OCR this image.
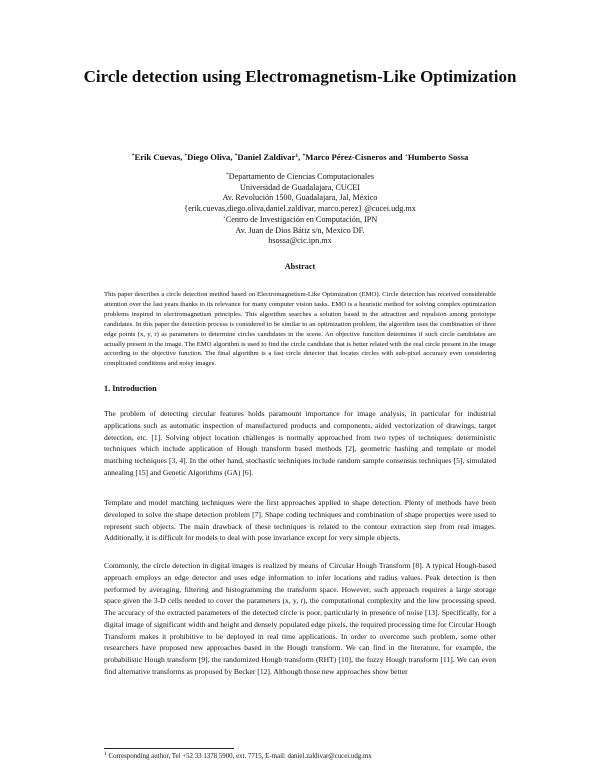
Circle detection using Electromagnetism-Like Optimization
*Erik Cuevas, *Diego Oliva, *Daniel Zaldivar$^1$, *Marco Pérez-Cisneros and +Humberto Sossa
*Departamento de Ciencias Computacionales
Universidad de Guadalajara, CUCEI
Av. Revolución 1500, Guadalajara, Jal, México
{erik.cuevas,diego.oliva,daniel.zaldivar, marco.perez} @cucei.udg.mx
+Centro de Investigación en Computación, IPN
Av. Juan de Dios Bátiz s/n, Mexico DF.
hsossa@cic.ipn.mx
Abstract
This paper describes a circle detection method based on Electromagnetism-Like Optimization (EMO). Circle detection has received considerable attention over the last years thanks to its relevance for many computer vision tasks. EMO is a heuristic method for solving complex optimization problems inspired in electromagnetism principles. This algorithm searches a solution based in the attraction and repulsion among prototype candidates. In this paper the detection process is considered to be similar to an optimization problem, the algorithm uses the combination of three edge points (x, y, r) as parameters to determine circles candidates in the scene. An objective function determines if such circle candidates are actually present in the image. The EMO algorithm is used to find the circle candidate that is better related with the real circle present in the image according to the objective function. The final algorithm is a fast circle detector that locates circles with sub-pixel accuracy even considering complicated conditions and noisy images.
1. Introduction
The problem of detecting circular features holds paramount importance for image analysis, in particular for industrial applications such as automatic inspection of manufactured products and components, aided vectorization of drawings, target detection, etc. [1]. Solving object location challenges is normally approached from two types of techniques: deterministic techniques which include application of Hough transform based methods [2], geometric hashing and template or model matching techniques [3, 4]. In the other hand, stochastic techniques include random sample consensus techniques [5], simulated annealing [15] and Genetic Algorithms (GA) [6].
Template and model matching techniques were the first approaches applied to shape detection. Plenty of methods have been developed to solve the shape detection problem [7]. Shape coding techniques and combination of shape properties were used to represent such objects. The main drawback of these techniques is related to the contour extraction step from real images. Additionally, it is difficult for models to deal with pose invariance except for very simple objects.
Commonly, the circle detection in digital images is realized by means of Circular Hough Transform [8]. A typical Hough-based approach employs an edge detector and uses edge information to infer locations and radius values. Peak detection is then performed by averaging, filtering and histogramming the transform space. However, such approach requires a large storage space given the 3-D cells needed to cover the parameters (x, y, r), the computational complexity and the low processing speed. The accuracy of the extracted parameters of the detected circle is poor, particularly in presence of noise [13]. Specifically, for a digital image of significant width and height and densely populated edge pixels, the required processing time for Circular Hough Transform makes it prohibitive to be deployed in real time applications. In order to overcome such problem, some other researchers have proposed new approaches based in the Hough transform. We can find in the literature, for example, the probabilistic Hough transform [9], the randomized Hough transform (RHT) [10], the fuzzy Hough transform [11]. We can even find alternative transforms as proposed by Becker [12]. Although those new approaches show better
$^1$ Corresponding author, Tel +52 33 1378 5900, ext. 7715, E-mail: daniel.zaldivar@cucei.udg.mx
